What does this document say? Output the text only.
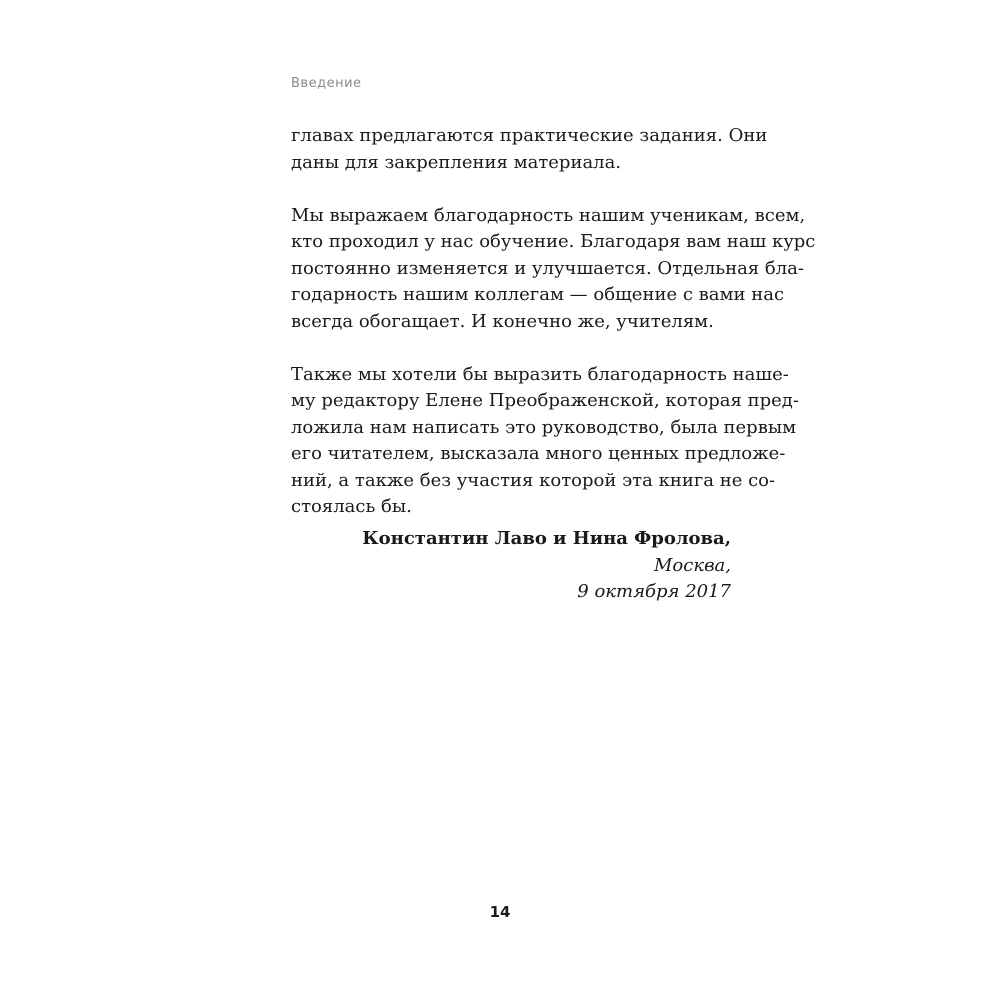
Введение
главах предлагаются практические задания. Они
даны для закрепления материала.
Мы выражаем благодарность нашим ученикам, всем,
кто проходил у нас обучение. Благодаря вам наш курс
постоянно изменяется и улучшается. Отдельная бла-
годарность нашим коллегам — общение с вами нас
всегда обогащает. И конечно же, учителям.
Также мы хотели бы выразить благодарность наше-
му редактору Елене Преображенской, которая пред-
ложила нам написать это руководство, была первым
его читателем, высказала много ценных предложе-
ний, а также без участия которой эта книга не со-
стоялась бы.
Константин Лаво и Нина Фролова,
Москва,
9 октября 2017
14
